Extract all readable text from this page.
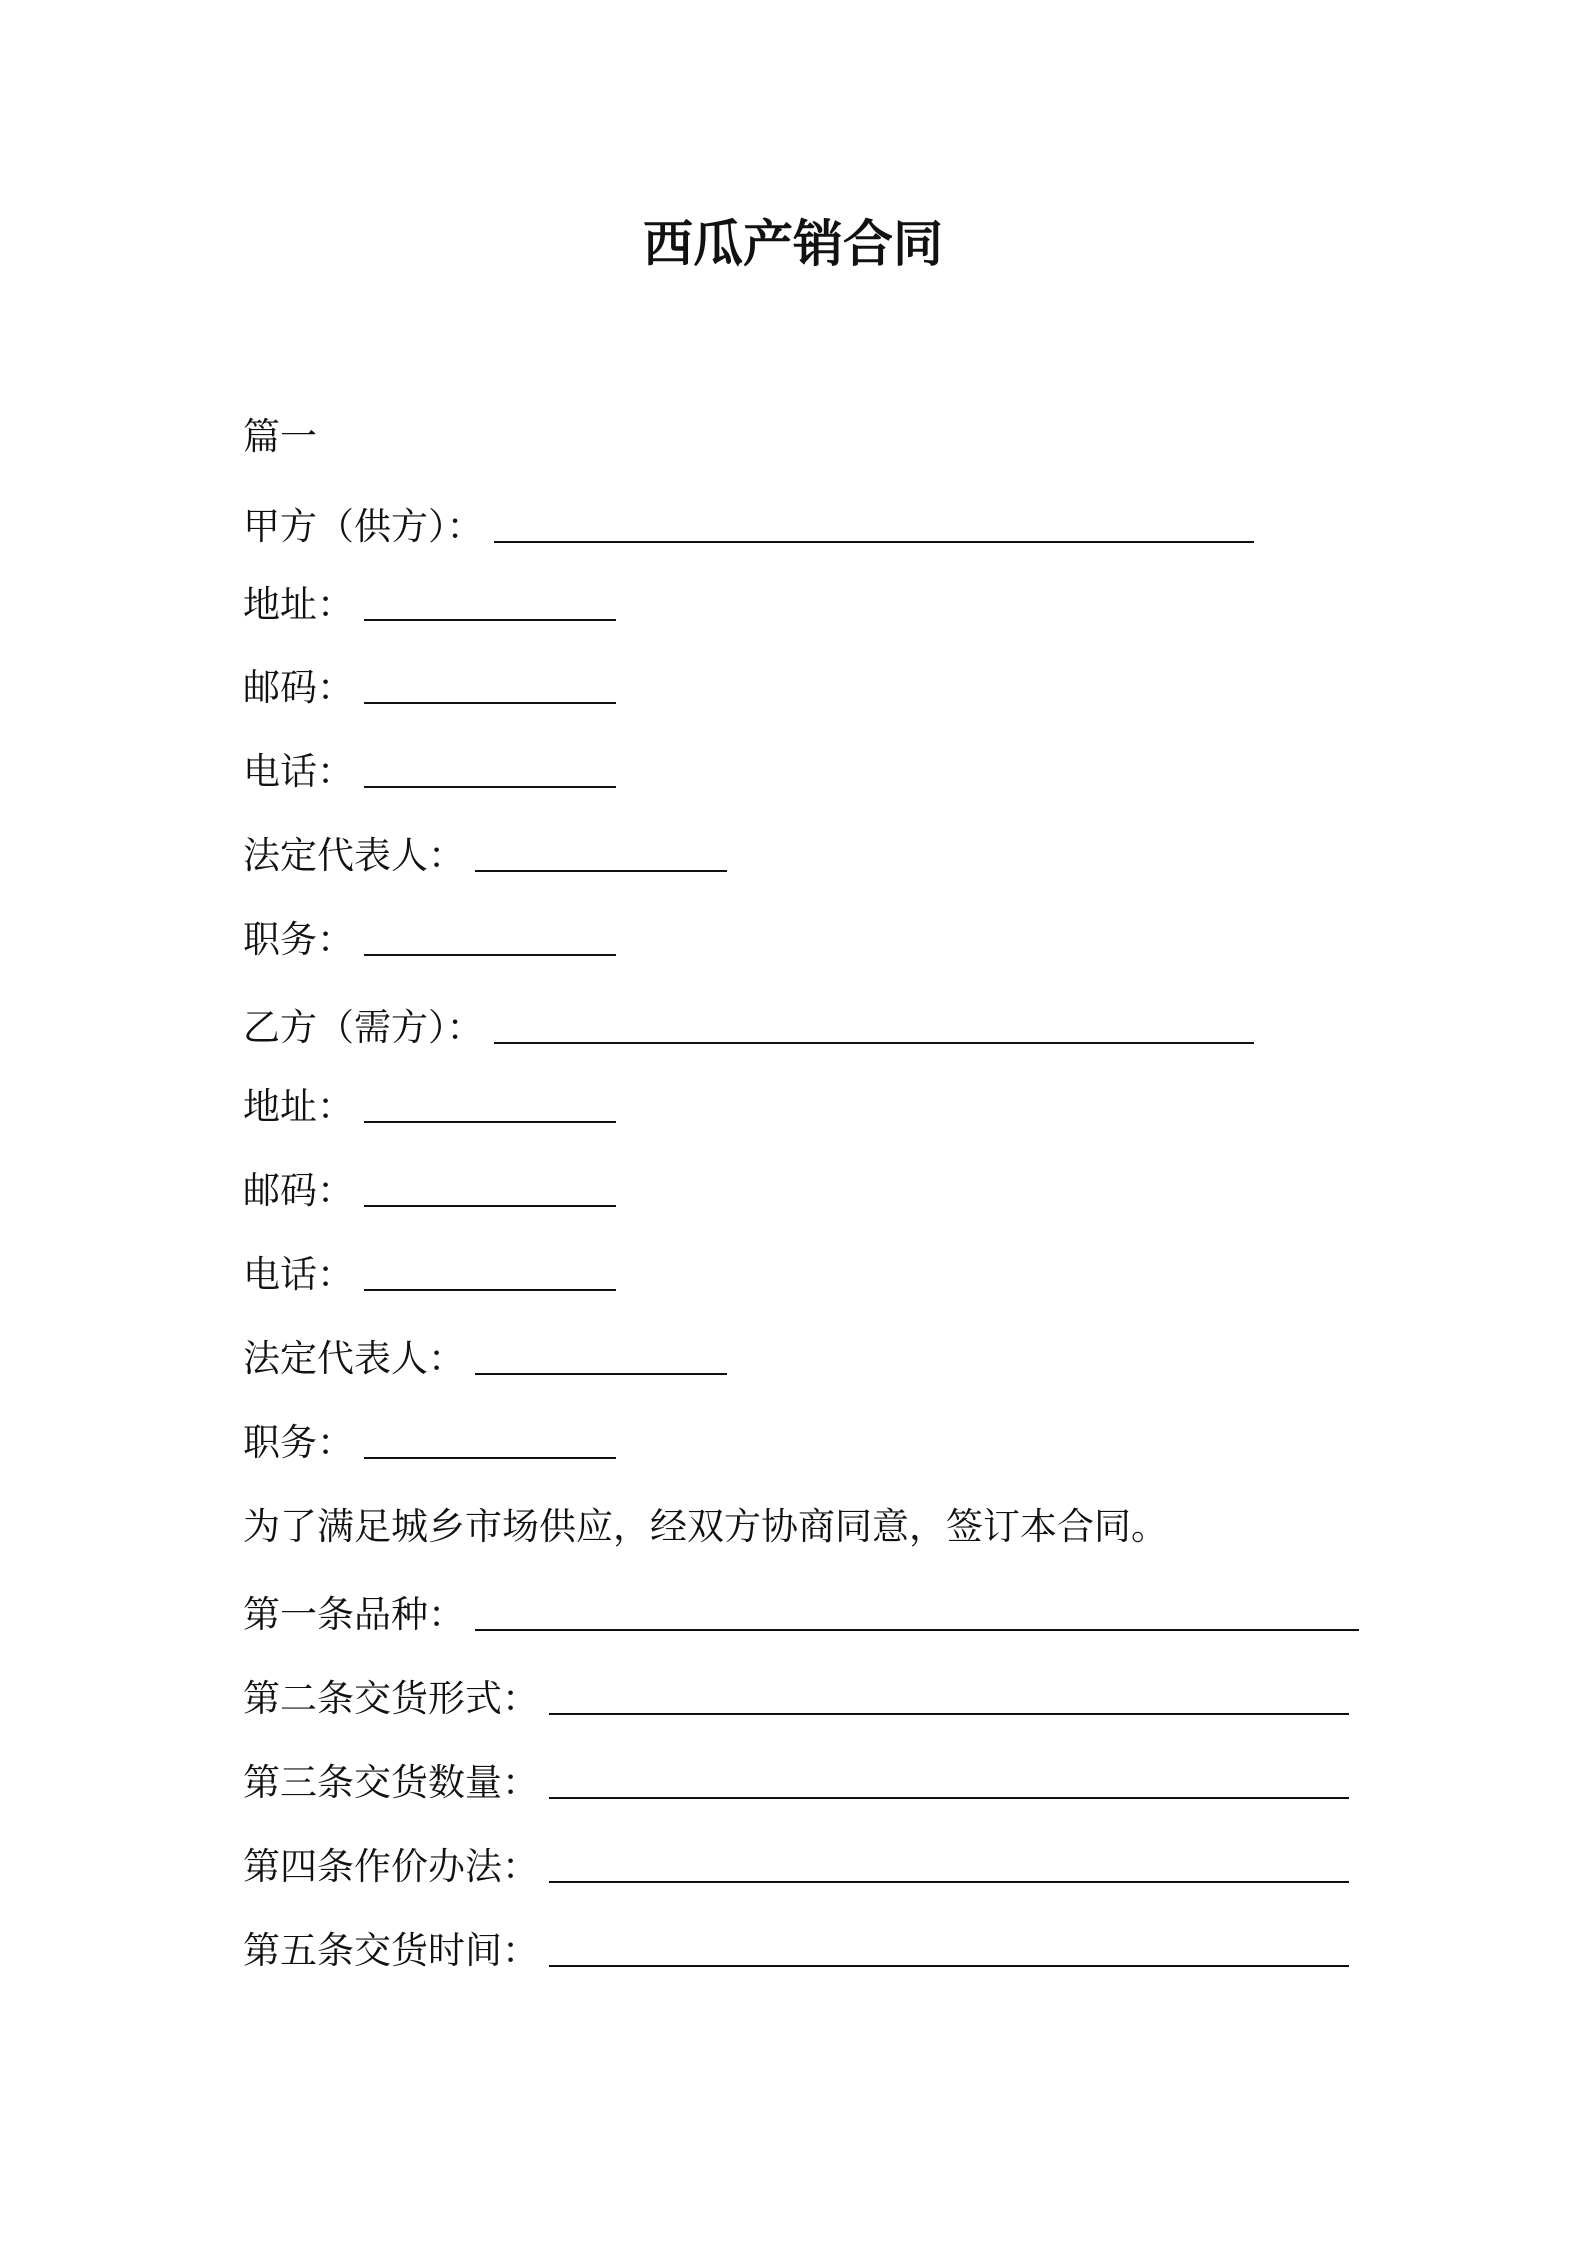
西瓜产销合同
篇一
甲方（供方）：
地址：
邮码：
电话：
法定代表人：
职务：
乙方（需方）：
地址：
邮码：
电话：
法定代表人：
职务：
为了满足城乡市场供应，经双方协商同意，签订本合同。
第一条品种：
第二条交货形式：
第三条交货数量：
第四条作价办法：
第五条交货时间：
